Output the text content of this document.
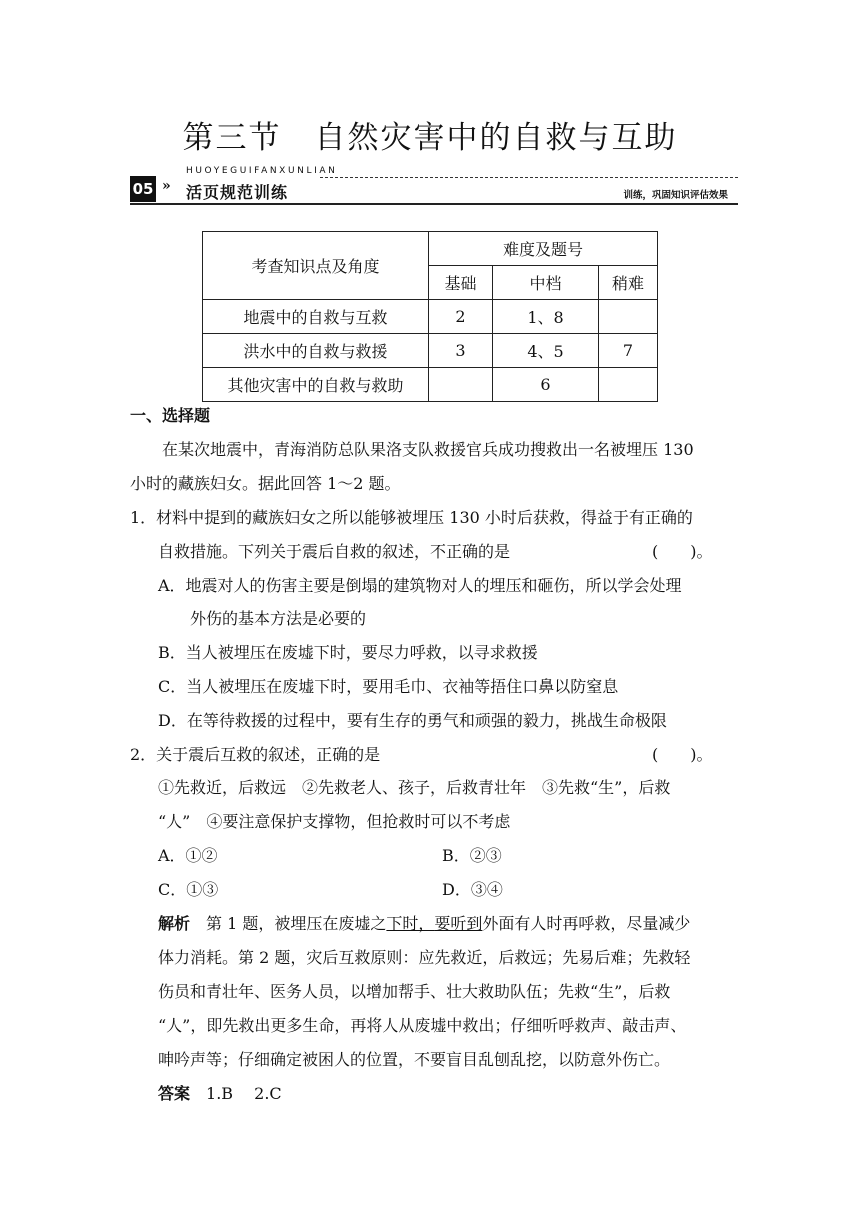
第三节　自然灾害中的自救与互助
HUOYEGUIFANXUNLIAN
05 » 活页规范训练	训练，巩固知识评估效果
考查知识点及角度	难度及题号		
	基础	中档	稍难
地震中的自救与互救	2	1、8	
洪水中的自救与救援	3	4、5	7
其他灾害中的自救与救助		6	
一、选择题
在某次地震中，青海消防总队果洛支队救援官兵成功搜救出一名被埋压 130
小时的藏族妇女。据此回答 1～2 题。
1．材料中提到的藏族妇女之所以能够被埋压 130 小时后获救，得益于有正确的
自救措施。下列关于震后自救的叙述，不正确的是	(　　)。
A．地震对人的伤害主要是倒塌的建筑物对人的埋压和砸伤，所以学会处理
外伤的基本方法是必要的
B．当人被埋压在废墟下时，要尽力呼救，以寻求救援
C．当人被埋压在废墟下时，要用毛巾、衣袖等捂住口鼻以防窒息
D．在等待救援的过程中，要有生存的勇气和顽强的毅力，挑战生命极限
2．关于震后互救的叙述，正确的是	(　　)。
①先救近，后救远　②先救老人、孩子，后救青壮年　③先救“生”，后救
“人”　④要注意保护支撑物，但抢救时可以不考虑
A．①②	B．②③
C．①③	D．③④
解析　 第 1 题，被埋压在废墟之下时，要听到外面有人时再呼救，尽量减少
体力消耗。第 2 题，灾后互救原则：应先救近，后救远；先易后难；先救轻
伤员和青壮年、医务人员，以增加帮手、壮大救助队伍；先救“生”，后救
“人”，即先救出更多生命，再将人从废墟中救出；仔细听呼救声、敲击声、
呻吟声等；仔细确定被困人的位置，不要盲目乱刨乱挖，以防意外伤亡。
答案　 1.B　 2.C
